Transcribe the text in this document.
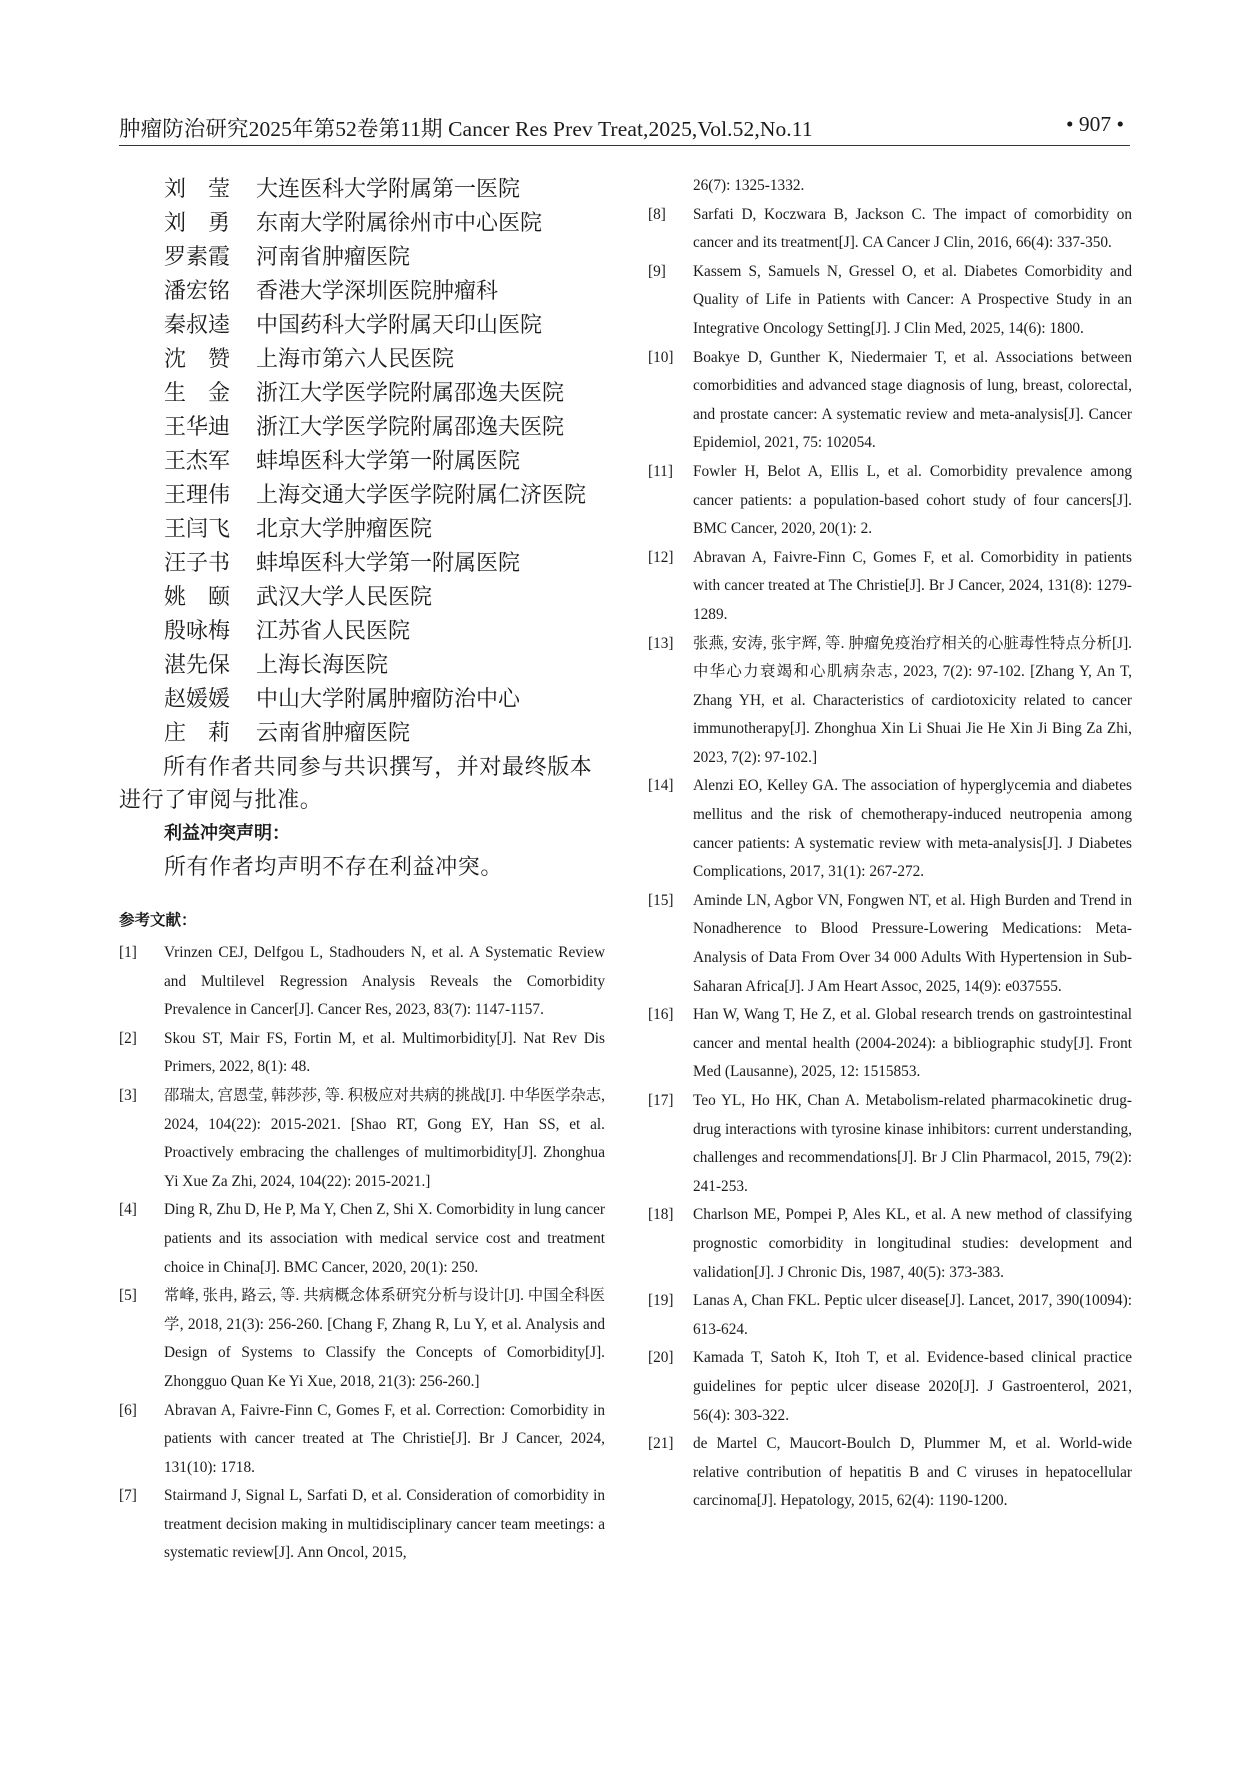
肿瘤防治研究2025年第52卷第11期 Cancer Res Prev Treat,2025,Vol.52,No.11	• 907 •
刘　莹	大连医科大学附属第一医院
刘　勇	东南大学附属徐州市中心医院
罗素霞	河南省肿瘤医院
潘宏铭	香港大学深圳医院肿瘤科
秦叔逵	中国药科大学附属天印山医院
沈　赞	上海市第六人民医院
生　金	浙江大学医学院附属邵逸夫医院
王华迪	浙江大学医学院附属邵逸夫医院
王杰军	蚌埠医科大学第一附属医院
王理伟	上海交通大学医学院附属仁济医院
王闫飞	北京大学肿瘤医院
汪子书	蚌埠医科大学第一附属医院
姚　颐	武汉大学人民医院
殷咏梅	江苏省人民医院
湛先保	上海长海医院
赵媛媛	中山大学附属肿瘤防治中心
庄　莉	云南省肿瘤医院

所有作者共同参与共识撰写，并对最终版本进行了审阅与批准。

利益冲突声明：
所有作者均声明不存在利益冲突。
参考文献：
[1]	Vrinzen CEJ, Delfgou L, Stadhouders N, et al. A Systematic Review and Multilevel Regression Analysis Reveals the Comorbidity Prevalence in Cancer[J]. Cancer Res, 2023, 83(7): 1147-1157.
[2]	Skou ST, Mair FS, Fortin M, et al. Multimorbidity[J]. Nat Rev Dis Primers, 2022, 8(1): 48.
[3]	邵瑞太, 宫恩莹, 韩莎莎, 等. 积极应对共病的挑战[J]. 中华医学杂志, 2024, 104(22): 2015-2021. [Shao RT, Gong EY, Han SS, et al. Proactively embracing the challenges of multimorbidity[J]. Zhonghua Yi Xue Za Zhi, 2024, 104(22): 2015-2021.]
[4]	Ding R, Zhu D, He P, Ma Y, Chen Z, Shi X. Comorbidity in lung cancer patients and its association with medical service cost and treatment choice in China[J]. BMC Cancer, 2020, 20(1): 250.
[5]	常峰, 张冉, 路云, 等. 共病概念体系研究分析与设计[J]. 中国全科医学, 2018, 21(3): 256-260. [Chang F, Zhang R, Lu Y, et al. Analysis and Design of Systems to Classify the Concepts of Comorbidity[J]. Zhongguo Quan Ke Yi Xue, 2018, 21(3): 256-260.]
[6]	Abravan A, Faivre-Finn C, Gomes F, et al. Correction: Comorbidity in patients with cancer treated at The Christie[J]. Br J Cancer, 2024, 131(10): 1718.
[7]	Stairmand J, Signal L, Sarfati D, et al. Consideration of comorbidity in treatment decision making in multidisciplinary cancer team meetings: a systematic review[J]. Ann Oncol, 2015,
26(7): 1325-1332.
[8]	Sarfati D, Koczwara B, Jackson C. The impact of comorbidity on cancer and its treatment[J]. CA Cancer J Clin, 2016, 66(4): 337-350.
[9]	Kassem S, Samuels N, Gressel O, et al. Diabetes Comorbidity and Quality of Life in Patients with Cancer: A Prospective Study in an Integrative Oncology Setting[J]. J Clin Med, 2025, 14(6): 1800.
[10]	Boakye D, Gunther K, Niedermaier T, et al. Associations between comorbidities and advanced stage diagnosis of lung, breast, colorectal, and prostate cancer: A systematic review and meta-analysis[J]. Cancer Epidemiol, 2021, 75: 102054.
[11]	Fowler H, Belot A, Ellis L, et al. Comorbidity prevalence among cancer patients: a population-based cohort study of four cancers[J]. BMC Cancer, 2020, 20(1): 2.
[12]	Abravan A, Faivre-Finn C, Gomes F, et al. Comorbidity in patients with cancer treated at The Christie[J]. Br J Cancer, 2024, 131(8): 1279-1289.
[13]	张燕, 安涛, 张宇辉, 等. 肿瘤免疫治疗相关的心脏毒性特点分析[J]. 中华心力衰竭和心肌病杂志, 2023, 7(2): 97-102. [Zhang Y, An T, Zhang YH, et al. Characteristics of cardiotoxicity related to cancer immunotherapy[J]. Zhonghua Xin Li Shuai Jie He Xin Ji Bing Za Zhi, 2023, 7(2): 97-102.]
[14]	Alenzi EO, Kelley GA. The association of hyperglycemia and diabetes mellitus and the risk of chemotherapy-induced neutropenia among cancer patients: A systematic review with meta-analysis[J]. J Diabetes Complications, 2017, 31(1): 267-272.
[15]	Aminde LN, Agbor VN, Fongwen NT, et al. High Burden and Trend in Nonadherence to Blood Pressure-Lowering Medications: Meta-Analysis of Data From Over 34 000 Adults With Hypertension in Sub-Saharan Africa[J]. J Am Heart Assoc, 2025, 14(9): e037555.
[16]	Han W, Wang T, He Z, et al. Global research trends on gastrointestinal cancer and mental health (2004-2024): a bibliographic study[J]. Front Med (Lausanne), 2025, 12: 1515853.
[17]	Teo YL, Ho HK, Chan A. Metabolism-related pharmacokinetic drug-drug interactions with tyrosine kinase inhibitors: current understanding, challenges and recommendations[J]. Br J Clin Pharmacol, 2015, 79(2): 241-253.
[18]	Charlson ME, Pompei P, Ales KL, et al. A new method of classifying prognostic comorbidity in longitudinal studies: development and validation[J]. J Chronic Dis, 1987, 40(5): 373-383.
[19]	Lanas A, Chan FKL. Peptic ulcer disease[J]. Lancet, 2017, 390(10094): 613-624.
[20]	Kamada T, Satoh K, Itoh T, et al. Evidence-based clinical practice guidelines for peptic ulcer disease 2020[J]. J Gastroenterol, 2021, 56(4): 303-322.
[21]	de Martel C, Maucort-Boulch D, Plummer M, et al. World-wide relative contribution of hepatitis B and C viruses in hepatocellular carcinoma[J]. Hepatology, 2015, 62(4): 1190-1200.
